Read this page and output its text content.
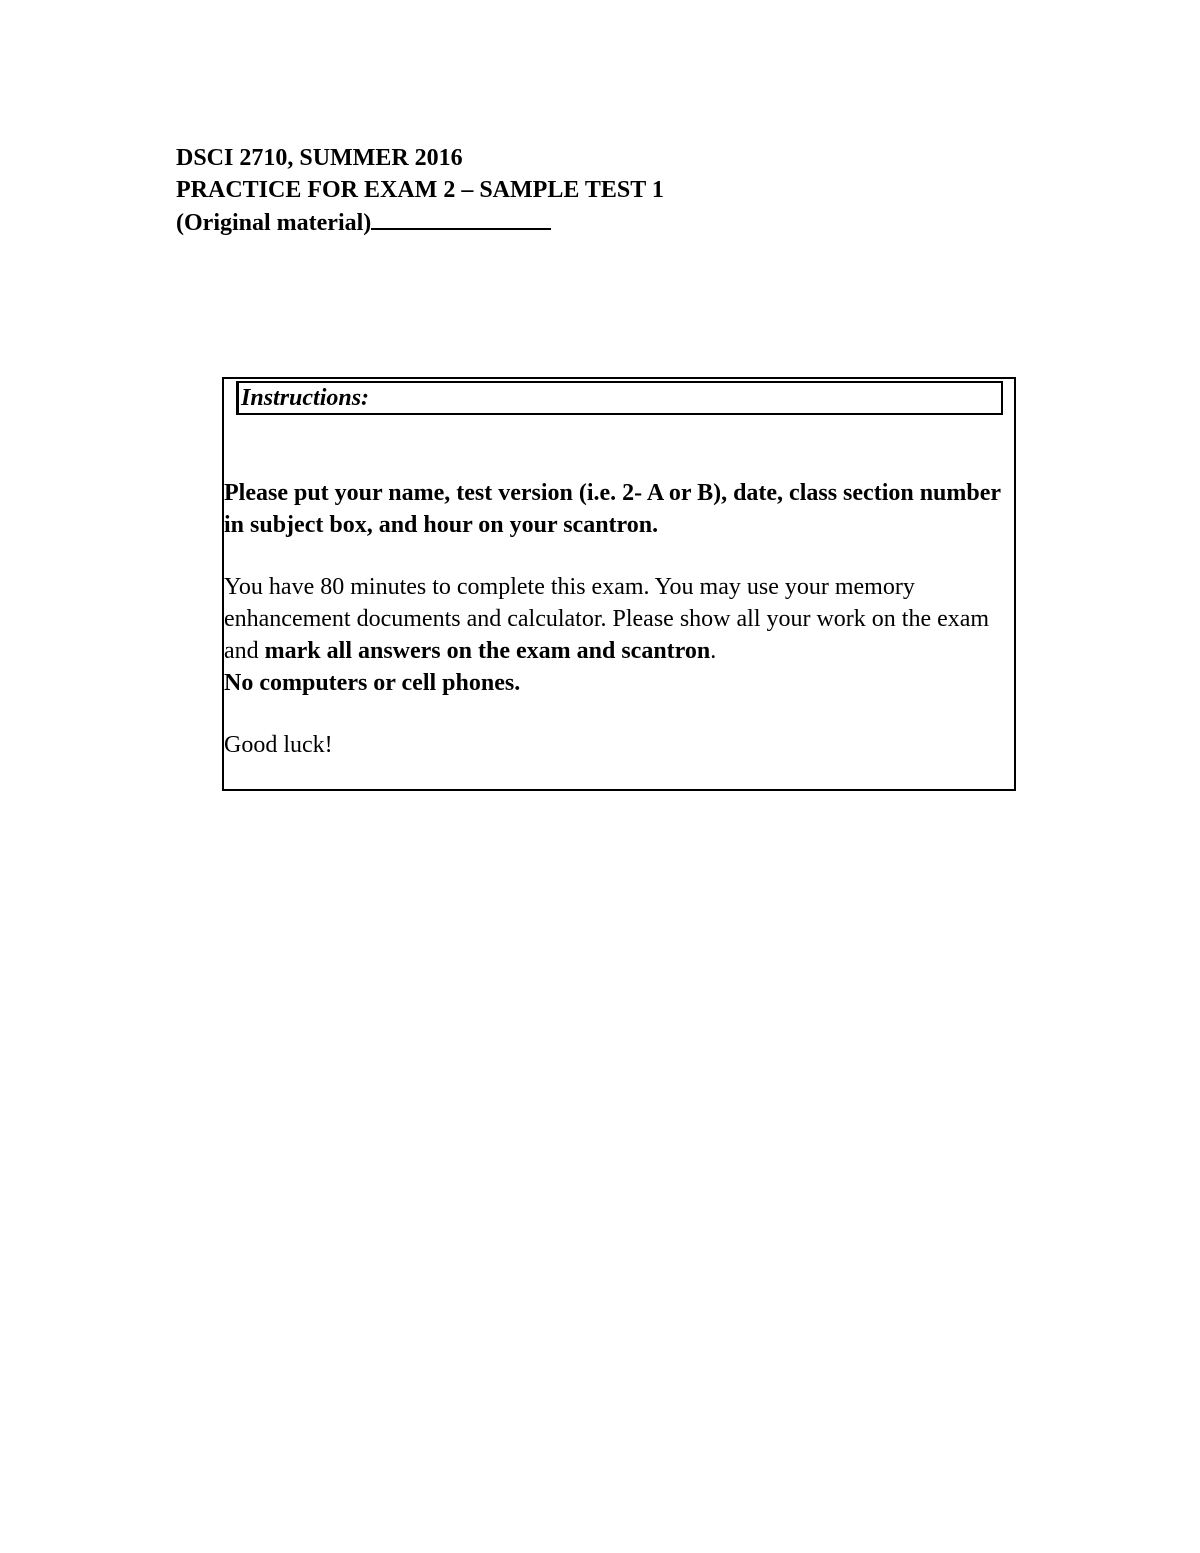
DSCI 2710, SUMMER 2016
PRACTICE FOR EXAM 2 – SAMPLE TEST 1
(Original material)
Instructions:
Please put your name, test version (i.e. 2- A or B), date, class section number in subject box, and hour on your scantron.
You have 80 minutes to complete this exam. You may use your memory enhancement documents and calculator. Please show all your work on the exam and mark all answers on the exam and scantron.
No computers or cell phones.
Good luck!
